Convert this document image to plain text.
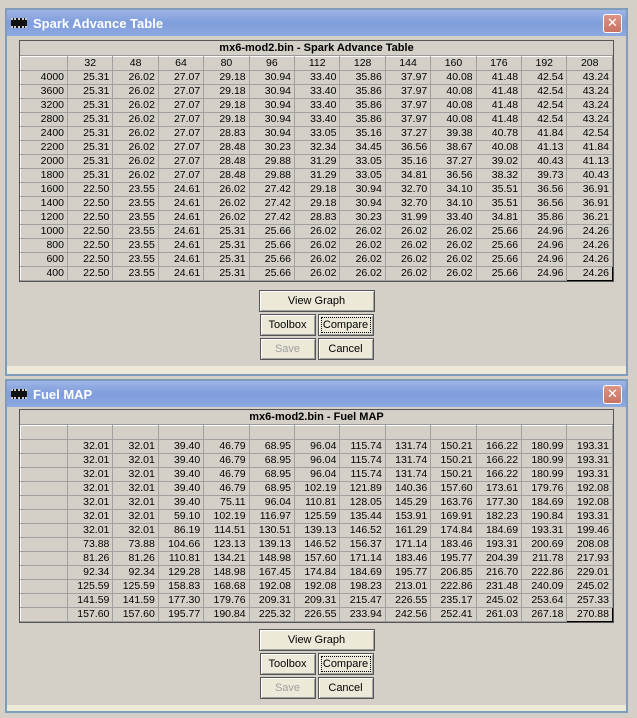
Spark Advance Table	✕
mx6-mod2.bin - Spark Advance Table
	32	48	64	80	96	112	128	144	160	176	192	208
4000	25.31	26.02	27.07	29.18	30.94	33.40	35.86	37.97	40.08	41.48	42.54	43.24
3600	25.31	26.02	27.07	29.18	30.94	33.40	35.86	37.97	40.08	41.48	42.54	43.24
3200	25.31	26.02	27.07	29.18	30.94	33.40	35.86	37.97	40.08	41.48	42.54	43.24
2800	25.31	26.02	27.07	29.18	30.94	33.40	35.86	37.97	40.08	41.48	42.54	43.24
2400	25.31	26.02	27.07	28.83	30.94	33.05	35.16	37.27	39.38	40.78	41.84	42.54
2200	25.31	26.02	27.07	28.48	30.23	32.34	34.45	36.56	38.67	40.08	41.13	41.84
2000	25.31	26.02	27.07	28.48	29.88	31.29	33.05	35.16	37.27	39.02	40.43	41.13
1800	25.31	26.02	27.07	28.48	29.88	31.29	33.05	34.81	36.56	38.32	39.73	40.43
1600	22.50	23.55	24.61	26.02	27.42	29.18	30.94	32.70	34.10	35.51	36.56	36.91
1400	22.50	23.55	24.61	26.02	27.42	29.18	30.94	32.70	34.10	35.51	36.56	36.91
1200	22.50	23.55	24.61	26.02	27.42	28.83	30.23	31.99	33.40	34.81	35.86	36.21
1000	22.50	23.55	24.61	25.31	25.66	26.02	26.02	26.02	26.02	25.66	24.96	24.26
800	22.50	23.55	24.61	25.31	25.66	26.02	26.02	26.02	26.02	25.66	24.96	24.26
600	22.50	23.55	24.61	25.31	25.66	26.02	26.02	26.02	26.02	25.66	24.96	24.26
400	22.50	23.55	24.61	25.31	25.66	26.02	26.02	26.02	26.02	25.66	24.96	24.26
View Graph
Toolbox	Compare
Save	Cancel
Fuel MAP	✕
mx6-mod2.bin - Fuel MAP

	32.01	32.01	39.40	46.79	68.95	96.04	115.74	131.74	150.21	166.22	180.99	193.31
	32.01	32.01	39.40	46.79	68.95	96.04	115.74	131.74	150.21	166.22	180.99	193.31
	32.01	32.01	39.40	46.79	68.95	96.04	115.74	131.74	150.21	166.22	180.99	193.31
	32.01	32.01	39.40	46.79	68.95	102.19	121.89	140.36	157.60	173.61	179.76	192.08
	32.01	32.01	39.40	75.11	96.04	110.81	128.05	145.29	163.76	177.30	184.69	192.08
	32.01	32.01	59.10	102.19	116.97	125.59	135.44	153.91	169.91	182.23	190.84	193.31
	32.01	32.01	86.19	114.51	130.51	139.13	146.52	161.29	174.84	184.69	193.31	199.46
	73.88	73.88	104.66	123.13	139.13	146.52	156.37	171.14	183.46	193.31	200.69	208.08
	81.26	81.26	110.81	134.21	148.98	157.60	171.14	183.46	195.77	204.39	211.78	217.93
	92.34	92.34	129.28	148.98	167.45	174.84	184.69	195.77	206.85	216.70	222.86	229.01
	125.59	125.59	158.83	168.68	192.08	192.08	198.23	213.01	222.86	231.48	240.09	245.02
	141.59	141.59	177.30	179.76	209.31	209.31	215.47	226.55	235.17	245.02	253.64	257.33
	157.60	157.60	195.77	190.84	225.32	226.55	233.94	242.56	252.41	261.03	267.18	270.88
View Graph
Toolbox	Compare
Save	Cancel
